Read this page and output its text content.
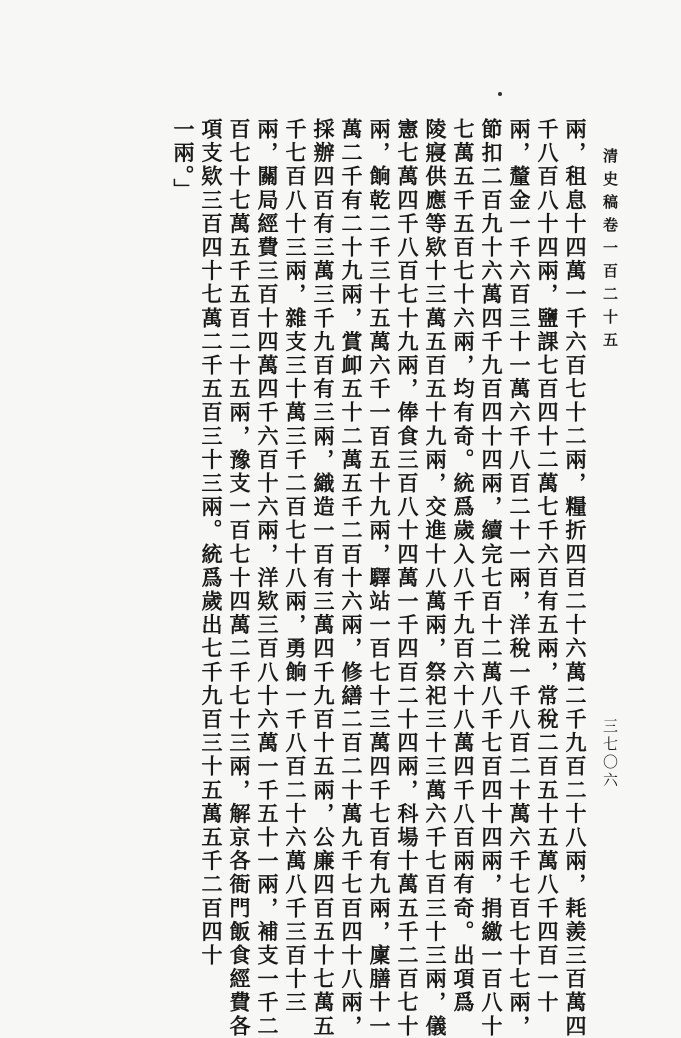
清史稿卷一百二十五
三七〇六
兩，租息十四萬一千六百七十二兩，糧折四百二十六萬二千九百二十八兩，耗羨三百萬四
千八百八十四兩，鹽課七百四十二萬七千六百有五兩，常稅二百五十五萬八千四百一十
兩，釐金一千六百三十一萬六千八百二十一兩，洋稅一千八百二十萬六千七百七十七兩，
節扣二百九十六萬四千九百四十四兩，續完七百十二萬八千七百四十四兩，捐繳一百八十
七萬五千五百七十六兩，均有奇。統爲歲入八千九百六十八萬四千八百兩有奇。出項爲
陵寢供應等欵十三萬五百五十九兩，交進十八萬兩，祭祀三十三萬六千七百三十三兩，儀
憲七萬四千八百七十九兩，俸食三百八十四萬一千四百二十四兩，科場十萬五千二百七十
兩，餉乾二千三十五萬六千一百五十九兩，驛站一百七十三萬四千七百有九兩，廩膳十一
萬二千有二十九兩，賞卹五十二萬五千二百十六兩，修繕二百二十萬九千七百四十八兩，
採辦四百有三萬三千九百有三兩，織造一百有三萬四千九百十五兩，公廉四百五十七萬五
千七百八十三兩，雜支三十萬三千二百七十八兩，勇餉一千八百二十六萬八千三百十三
兩，關局經費三百十四萬四千六百十六兩，洋欵三百八十六萬一千五十一兩，補支一千二
百七十七萬五千五百二十五兩，豫支一百七十四萬二千七十三兩，解京各衙門飯食經費各
項支欵三百四十七萬二千五百三十三兩。統爲歲出七千九百三十五萬五千二百四十
一兩。」
